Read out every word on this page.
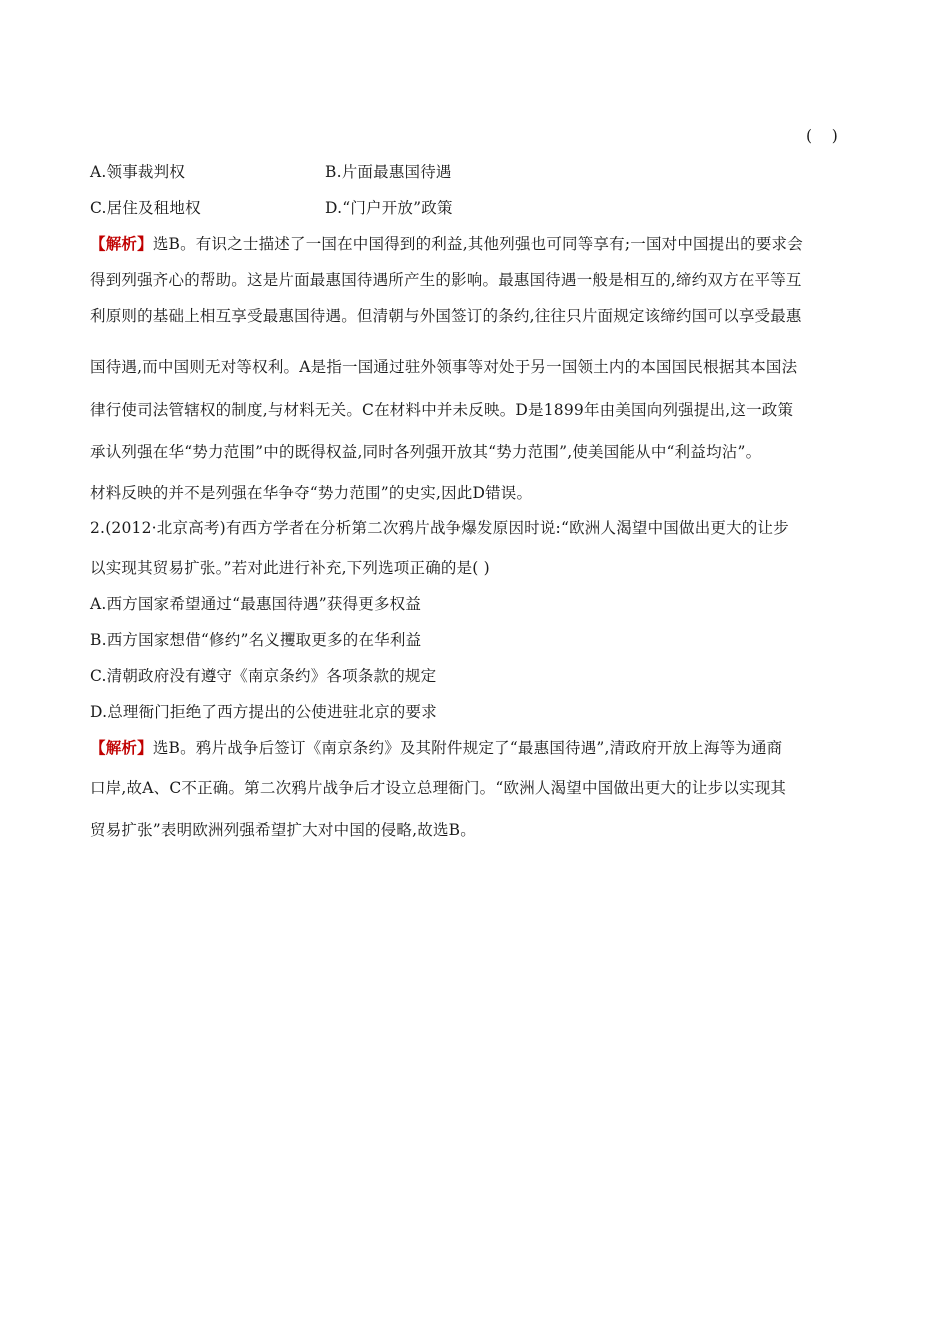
(    )
A.领事裁判权	B.片面最惠国待遇
C.居住及租地权	D.“门户开放”政策
【解析】选B。有识之士描述了一国在中国得到的利益,其他列强也可同等享有;一国对中国提出的要求会
得到列强齐心的帮助。这是片面最惠国待遇所产生的影响。最惠国待遇一般是相互的,缔约双方在平等互
利原则的基础上相互享受最惠国待遇。但清朝与外国签订的条约,往往只片面规定该缔约国可以享受最惠
国待遇,而中国则无对等权利。A是指一国通过驻外领事等对处于另一国领土内的本国国民根据其本国法
律行使司法管辖权的制度,与材料无关。C在材料中并未反映。D是1899年由美国向列强提出,这一政策
承认列强在华“势力范围”中的既得权益,同时各列强开放其“势力范围”,使美国能从中“利益均沾”。
材料反映的并不是列强在华争夺“势力范围”的史实,因此D错误。
2.(2012·北京高考)有西方学者在分析第二次鸦片战争爆发原因时说:“欧洲人渴望中国做出更大的让步
以实现其贸易扩张。”若对此进行补充,下列选项正确的是( )
A.西方国家希望通过“最惠国待遇”获得更多权益
B.西方国家想借“修约”名义攫取更多的在华利益
C.清朝政府没有遵守《南京条约》各项条款的规定
D.总理衙门拒绝了西方提出的公使进驻北京的要求
【解析】选B。鸦片战争后签订《南京条约》及其附件规定了“最惠国待遇”,清政府开放上海等为通商
口岸,故A、C不正确。第二次鸦片战争后才设立总理衙门。“欧洲人渴望中国做出更大的让步以实现其
贸易扩张”表明欧洲列强希望扩大对中国的侵略,故选B。
